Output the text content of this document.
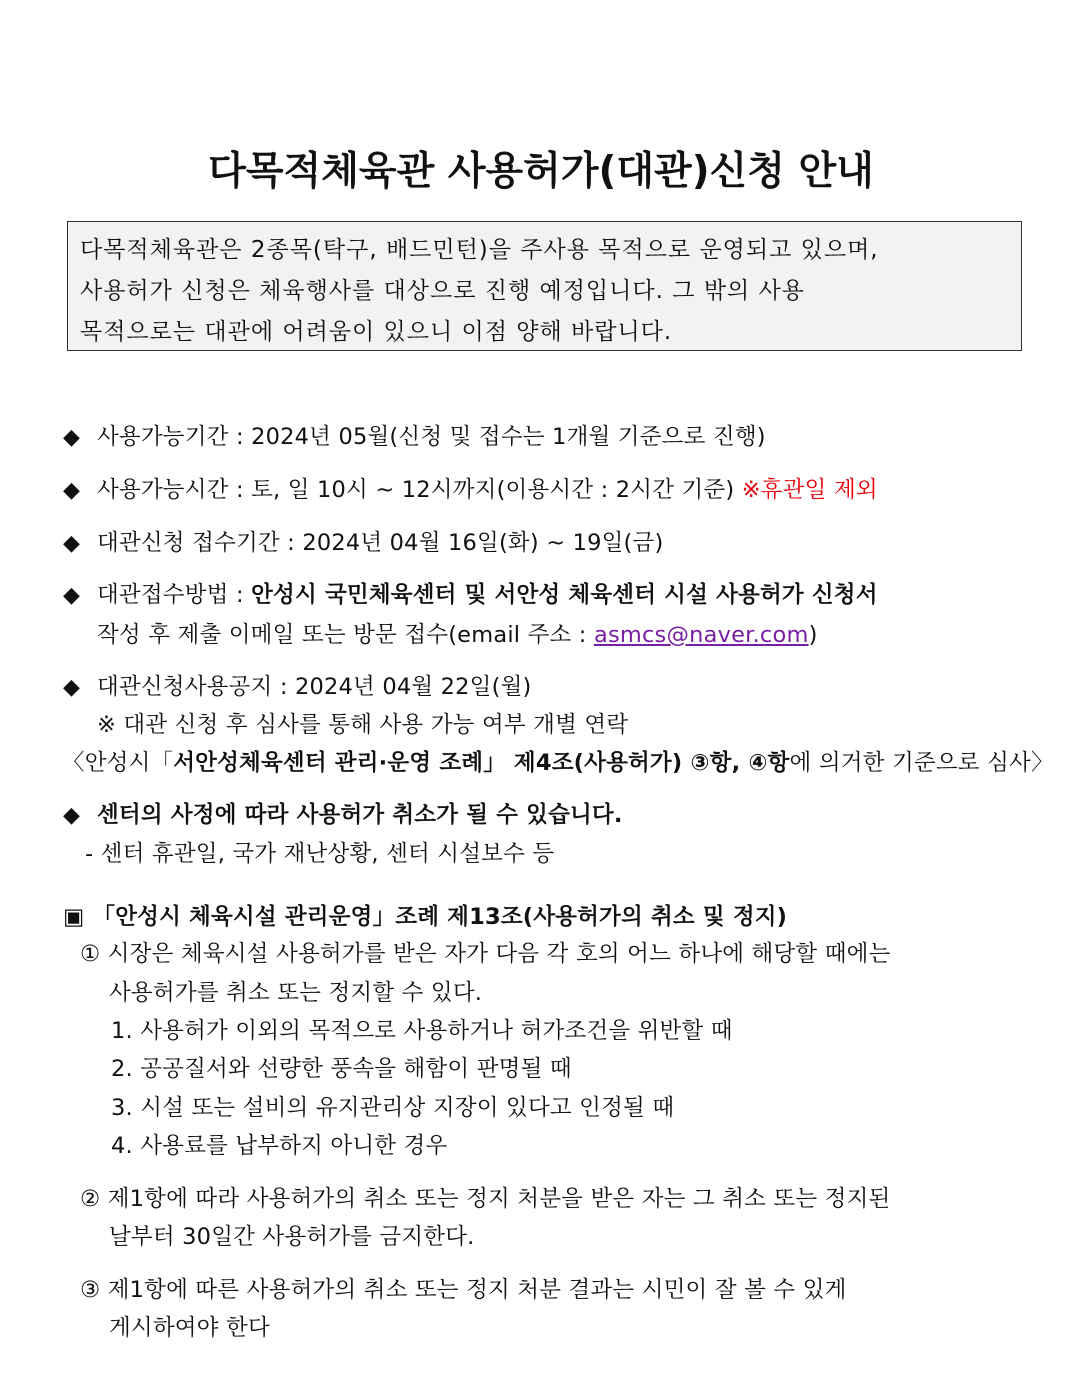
다목적체육관 사용허가(대관)신청 안내
다목적체육관은 2종목(탁구, 배드민턴)을 주사용 목적으로 운영되고 있으며,
사용허가 신청은 체육행사를 대상으로 진행 예정입니다. 그 밖의 사용
목적으로는 대관에 어려움이 있으니 이점 양해 바랍니다.
◆ 사용가능기간 : 2024년 05월(신청 및 접수는 1개월 기준으로 진행)
◆ 사용가능시간 : 토, 일 10시 ~ 12시까지(이용시간 : 2시간 기준) ※휴관일 제외
◆ 대관신청 접수기간 : 2024년 04월 16일(화) ~ 19일(금)
◆ 대관접수방법 : 안성시 국민체육센터 및 서안성 체육센터 시설 사용허가 신청서
작성 후 제출 이메일 또는 방문 접수(email 주소 : asmcs@naver.com)
◆ 대관신청사용공지 : 2024년 04월 22일(월)
※ 대관 신청 후 심사를 통해 사용 가능 여부 개별 연락
〈안성시「서안성체육센터 관리·운영 조례」 제4조(사용허가) ③항, ④항에 의거한 기준으로 심사〉
◆ 센터의 사정에 따라 사용허가 취소가 될 수 있습니다.
- 센터 휴관일, 국가 재난상황, 센터 시설보수 등
▣ 「안성시 체육시설 관리운영」조례 제13조(사용허가의 취소 및 정지)
① 시장은 체육시설 사용허가를 받은 자가 다음 각 호의 어느 하나에 해당할 때에는
사용허가를 취소 또는 정지할 수 있다.
1. 사용허가 이외의 목적으로 사용하거나 허가조건을 위반할 때
2. 공공질서와 선량한 풍속을 해함이 판명될 때
3. 시설 또는 설비의 유지관리상 지장이 있다고 인정될 때
4. 사용료를 납부하지 아니한 경우
② 제1항에 따라 사용허가의 취소 또는 정지 처분을 받은 자는 그 취소 또는 정지된
날부터 30일간 사용허가를 금지한다.
③ 제1항에 따른 사용허가의 취소 또는 정지 처분 결과는 시민이 잘 볼 수 있게
게시하여야 한다
